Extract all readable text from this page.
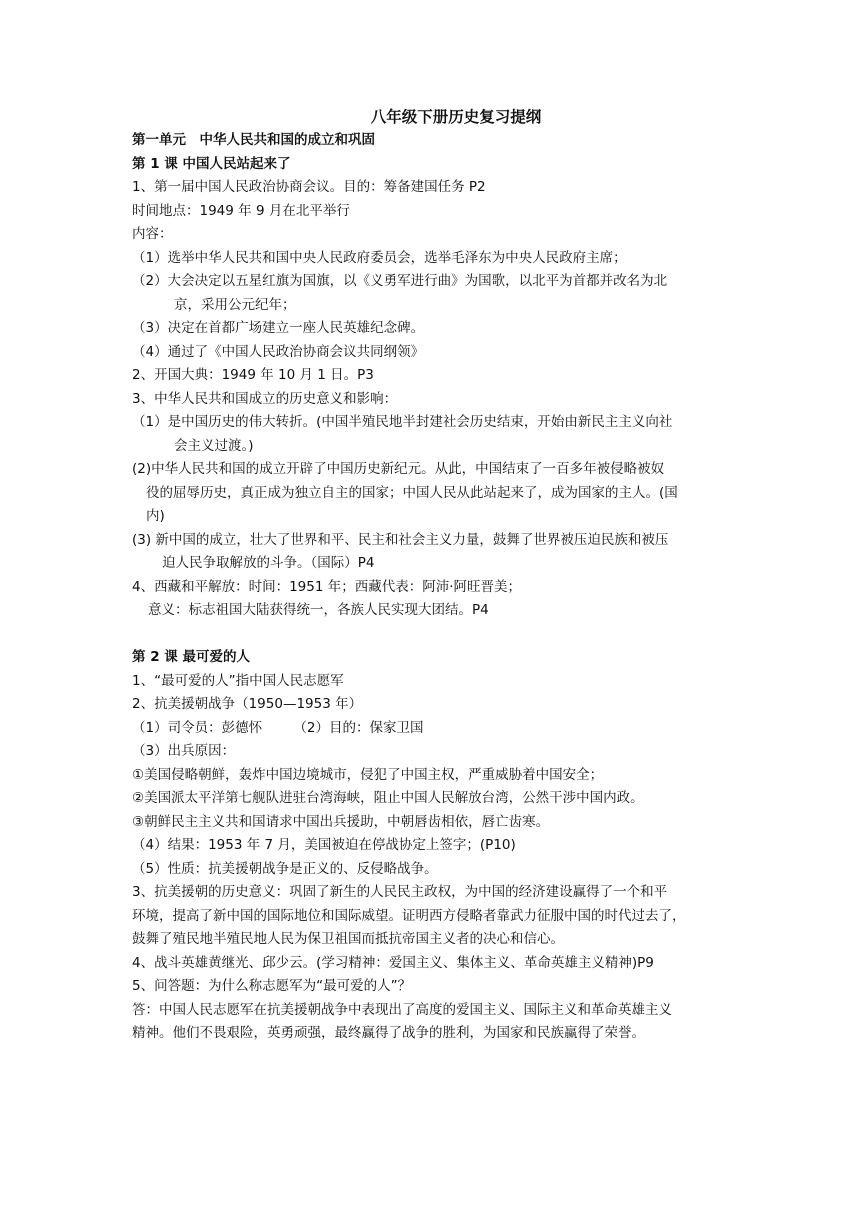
八年级下册历史复习提纲
第一单元　中华人民共和国的成立和巩固
第 1 课 中国人民站起来了
1、第一届中国人民政治协商会议。目的：筹备建国任务 P2
时间地点：1949 年 9 月在北平举行
内容：
（1）选举中华人民共和国中央人民政府委员会，选举毛泽东为中央人民政府主席；
（2）大会决定以五星红旗为国旗，以《义勇军进行曲》为国歌，以北平为首都并改名为北
京，采用公元纪年；
（3）决定在首都广场建立一座人民英雄纪念碑。
（4）通过了《中国人民政治协商会议共同纲领》
2、开国大典：1949 年 10 月 1 日。P3
3、中华人民共和国成立的历史意义和影响：
（1）是中国历史的伟大转折。(中国半殖民地半封建社会历史结束，开始由新民主主义向社
会主义过渡。)
(2)中华人民共和国的成立开辟了中国历史新纪元。从此，中国结束了一百多年被侵略被奴
役的屈辱历史，真正成为独立自主的国家；中国人民从此站起来了，成为国家的主人。(国
内)
(3) 新中国的成立，壮大了世界和平、民主和社会主义力量，鼓舞了世界被压迫民族和被压
迫人民争取解放的斗争。（国际）P4
4、西藏和平解放：时间：1951 年；西藏代表：阿沛·阿旺晋美；
意义：标志祖国大陆获得统一，各族人民实现大团结。P4
第 2 课 最可爱的人
1、“最可爱的人”指中国人民志愿军
2、抗美援朝战争（1950—1953 年）
（1）司令员：彭德怀　　 （2）目的：保家卫国
（3）出兵原因：
①美国侵略朝鲜，轰炸中国边境城市，侵犯了中国主权，严重威胁着中国安全；
②美国派太平洋第七舰队进驻台湾海峡，阻止中国人民解放台湾，公然干涉中国内政。
③朝鲜民主主义共和国请求中国出兵援助，中朝唇齿相依，唇亡齿寒。
（4）结果：1953 年 7 月，美国被迫在停战协定上签字；(P10)
（5）性质：抗美援朝战争是正义的、反侵略战争。
3、抗美援朝的历史意义：巩固了新生的人民民主政权，为中国的经济建设赢得了一个和平
环境，提高了新中国的国际地位和国际威望。证明西方侵略者靠武力征服中国的时代过去了，
鼓舞了殖民地半殖民地人民为保卫祖国而抵抗帝国主义者的决心和信心。
4、战斗英雄黄继光、邱少云。(学习精神：爱国主义、集体主义、革命英雄主义精神)P9
5、问答题：为什么称志愿军为“最可爱的人”？
答：中国人民志愿军在抗美援朝战争中表现出了高度的爱国主义、国际主义和革命英雄主义
精神。他们不畏艰险，英勇顽强，最终赢得了战争的胜利，为国家和民族赢得了荣誉。
